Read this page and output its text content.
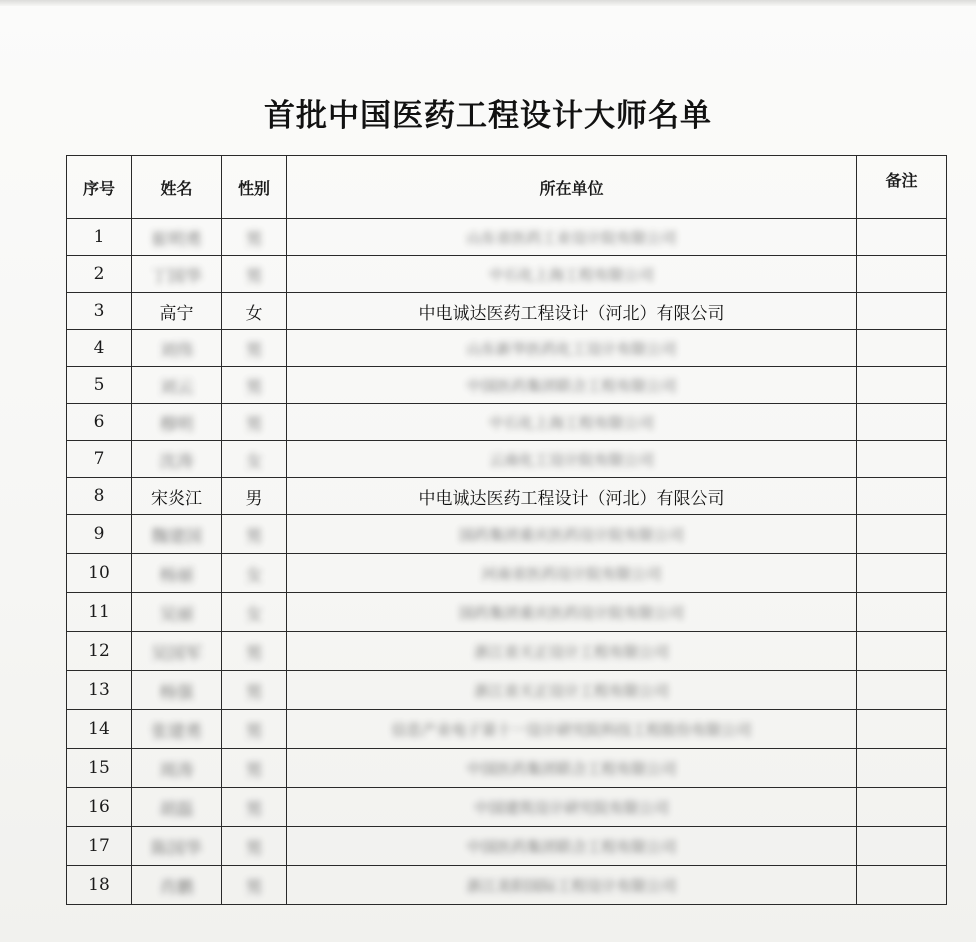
首批中国医药工程设计大师名单
序号	姓名	性别	所在单位	备注
1	崔明勇	男	山东省医药工业设计院有限公司	
2	丁国华	男	中石化上海工程有限公司	
3	高宁	女	中电诚达医药工程设计（河北）有限公司	
4	刘伟	男	山东新华医药化工设计有限公司	
5	刘云	男	中国医药集团联合工程有限公司	
6	穆明	男	中石化上海工程有限公司	
7	沈涛	女	云南化工设计院有限公司	
8	宋炎江	男	中电诚达医药工程设计（河北）有限公司	
9	魏建国	男	国药集团重庆医药设计院有限公司	
10	杨丽	女	河南省医药设计院有限公司	
11	吴丽	女	国药集团重庆医药设计院有限公司	
12	吴国军	男	浙江省天正设计工程有限公司	
13	杨强	男	浙江省天正设计工程有限公司	
14	张建勇	男	信息产业电子第十一设计研究院科技工程股份有限公司	
15	周涛	男	中国医药集团联合工程有限公司	
16	胡磊	男	中国建筑设计研究院有限公司	
17	陈国华	男	中国医药集团联合工程有限公司	
18	肖鹏	男	浙江美阳国际工程设计有限公司	
